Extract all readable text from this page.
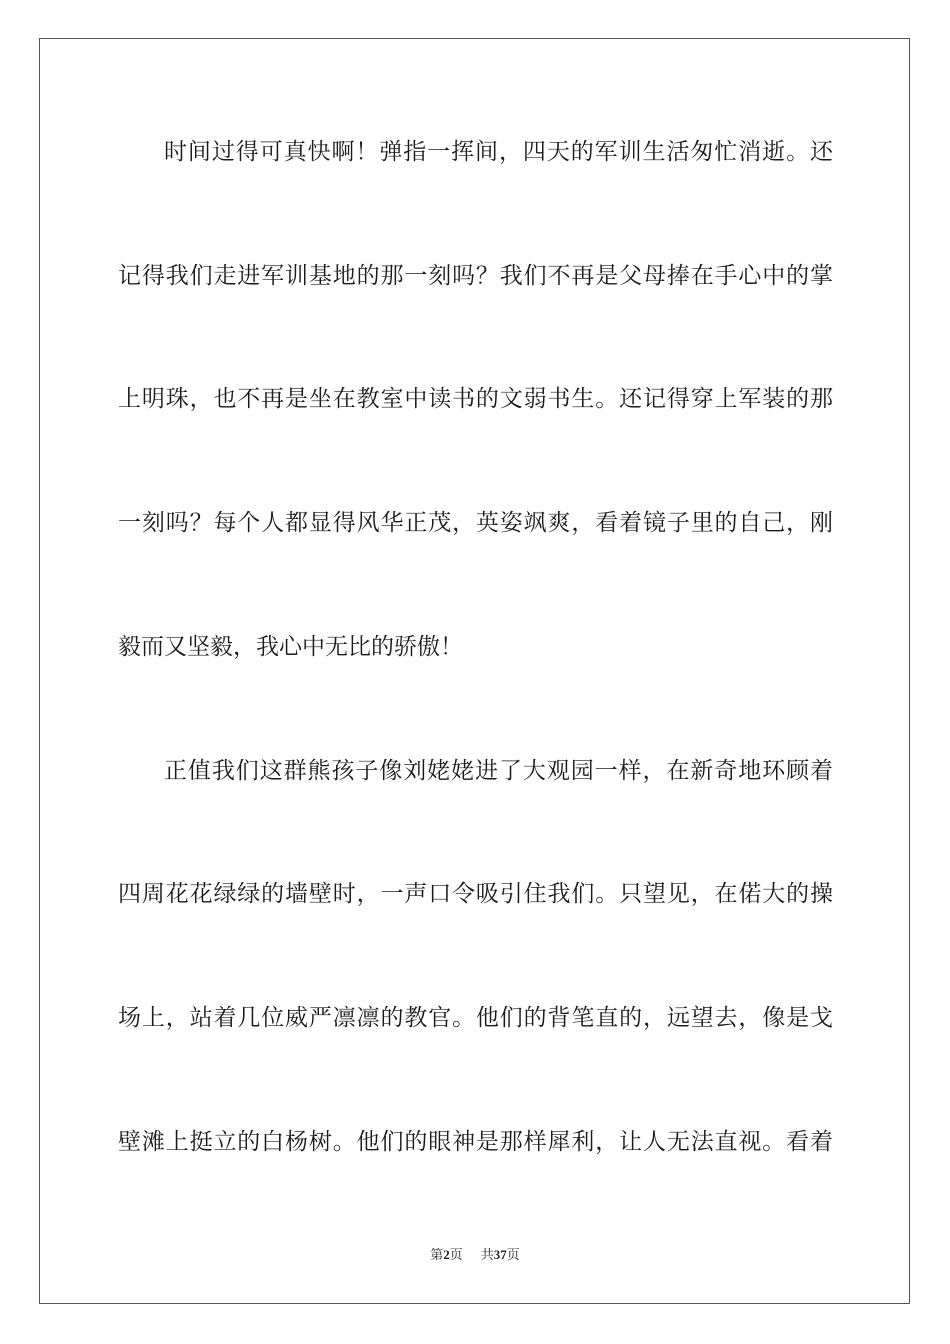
时间过得可真快啊！弹指一挥间，四天的军训生活匆忙消逝。还
记得我们走进军训基地的那一刻吗？我们不再是父母捧在手心中的掌
上明珠，也不再是坐在教室中读书的文弱书生。还记得穿上军装的那
一刻吗？每个人都显得风华正茂，英姿飒爽，看着镜子里的自己，刚
毅而又坚毅，我心中无比的骄傲！
正值我们这群熊孩子像刘姥姥进了大观园一样，在新奇地环顾着
四周花花绿绿的墙壁时，一声口令吸引住我们。只望见，在偌大的操
场上，站着几位威严凛凛的教官。他们的背笔直的，远望去，像是戈
壁滩上挺立的白杨树。他们的眼神是那样犀利，让人无法直视。看着
第2页 共37页
